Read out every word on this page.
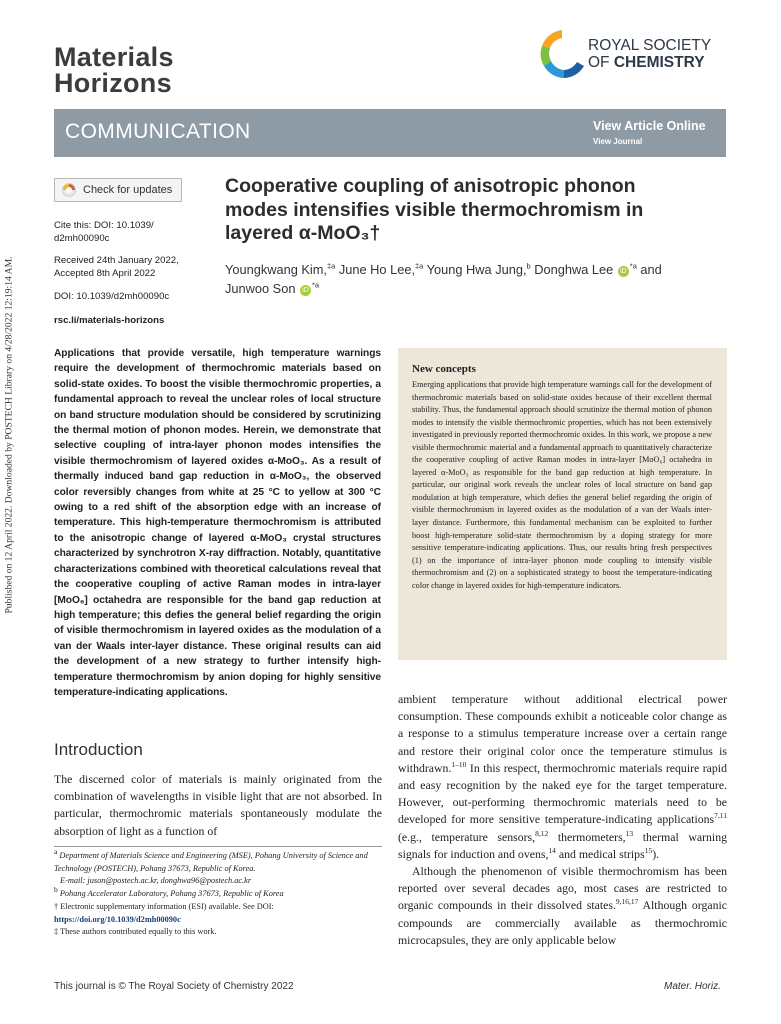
Published on 12 April 2022. Downloaded by POSTECH Library on 4/28/2022 12:19:14 AM.
Materials
Horizons
ROYAL SOCIETY
OF CHEMISTRY
COMMUNICATION	View Article Online
View Journal
Check for updates
Cite this: DOI: 10.1039/ d2mh00090c
Received 24th January 2022,
Accepted 8th April 2022
DOI: 10.1039/d2mh00090c
rsc.li/materials-horizons
Cooperative coupling of anisotropic phonon modes intensifies visible thermochromism in layered α-MoO₃†
Youngkwang Kim,$^{\ddagger a}$ June Ho Lee,$^{\ddagger a}$ Young Hwa Jung,$^b$ Donghwa Lee $iD^{*a}$ and
Junwoo Son $iD^{*a}$
Applications that provide versatile, high temperature warnings require the development of thermochromic materials based on solid-state oxides. To boost the visible thermochromic properties, a fundamental approach to reveal the unclear roles of local structure on band structure modulation should be considered by scrutinizing the thermal motion of phonon modes. Herein, we demonstrate that selective coupling of intra-layer phonon modes intensifies the visible thermochromism of layered oxides α-MoO₃. As a result of thermally induced band gap reduction in α-MoO₃, the observed color reversibly changes from white at 25 °C to yellow at 300 °C owing to a red shift of the absorption edge with an increase of temperature. This high-temperature thermochromism is attributed to the anisotropic change of layered α-MoO₃ crystal structures characterized by synchrotron X-ray diffraction. Notably, quantitative characterizations combined with theoretical calculations reveal that the cooperative coupling of active Raman modes in intra-layer [MoO₆] octahedra are responsible for the band gap reduction at high temperature; this defies the general belief regarding the origin of visible thermochromism in layered oxides as the modulation of a van der Waals inter-layer distance. These original results can aid the development of a new strategy to further intensify high-temperature thermochromism by anion doping for highly sensitive temperature-indicating applications.
New concepts
Emerging applications that provide high temperature warnings call for the development of thermochromic materials based on solid-state oxides because of their excellent thermal stability. Thus, the fundamental approach should scrutinize the thermal motion of phonon modes to intensify the visible thermochromic properties, which has not been extensively investigated in previously reported thermochromic oxides. In this work, we propose a new visible thermochromic material and a fundamental approach to quantitatively characterize the cooperative coupling of active Raman modes in intra-layer [MoO₆] octahedra in layered α-MoO₃ as responsible for the band gap reduction at high temperature. In particular, our original work reveals the unclear roles of local structure on band gap modulation at high temperature, which defies the general belief regarding the origin of visible thermochromism in layered oxides as the modulation of a van der Waals inter-layer distance. Furthermore, this fundamental mechanism can be exploited to further boost high-temperature solid-state thermochromism by a doping strategy for more sensitive temperature-indicating applications. Thus, our results bring fresh perspectives (1) on the importance of intra-layer phonon mode coupling to intensify visible thermochromism and (2) on a sophisticated strategy to boost the temperature-indicating color change in layered oxides for high-temperature indicators.
Introduction
The discerned color of materials is mainly originated from the combination of wavelengths in visible light that are not absorbed. In particular, thermochromic materials spontaneously modulate the absorption of light as a function of
$^a$ Department of Materials Science and Engineering (MSE), Pohang University of Science and Technology (POSTECH), Pohang 37673, Republic of Korea.
E-mail: juson@postech.ac.kr, donghwa96@postech.ac.kr
$^b$ Pohang Accelerator Laboratory, Pohang 37673, Republic of Korea
† Electronic supplementary information (ESI) available. See DOI: https://doi.org/10.1039/d2mh00090c
‡ These authors contributed equally to this work.

ambient temperature without additional electrical power consumption. These compounds exhibit a noticeable color change as a response to a stimulus temperature increase over a certain range and restore their original color once the temperature stimulus is withdrawn.$^{1-10}$ In this respect, thermochromic materials require rapid and easy recognition by the naked eye for the target temperature. However, out-performing thermochromic materials need to be developed for more sensitive temperature-indicating applications$^{7,11}$ (e.g., temperature sensors,$^{8,12}$ thermometers,$^{13}$ thermal warning signals for induction and ovens,$^{14}$ and medical strips$^{15}$).

Although the phenomenon of visible thermochromism has been reported over several decades ago, most cases are restricted to organic compounds in their dissolved states.$^{9,16,17}$ Although organic compounds are commercially available as thermochromic microcapsules, they are only applicable below

This journal is © The Royal Society of Chemistry 2022	Mater. Horiz.
